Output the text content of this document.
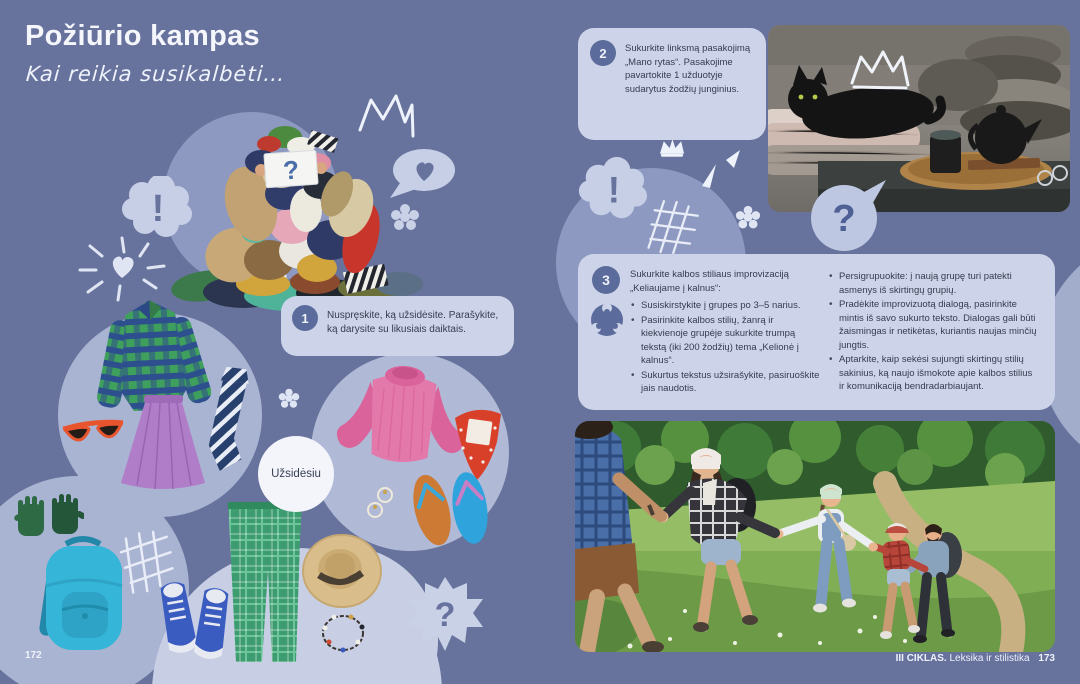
Požiūrio kampas
Kai reikia susikalbėti…
?
!
?
1	Nuspręskite, ką užsidėsite. Parašykite, ką darysite su likusiais daiktais.
Užsidėsiu
172
2	Sukurkite linksmą pasakojimą „Mano rytas“. Pasakojime pavartokite 1 užduotyje sudarytus žodžių junginius.
!
?
3	Sukurkite kalbos stiliaus improvizaciją „Keliaujame į kalnus“:
• Susiskirstykite į grupes po 3–5 narius.
• Pasirinkite kalbos stilių, žanrą ir kiekvienoje grupėje sukurkite trumpą tekstą (iki 200 žodžių) tema „Kelionė į kalnus“.
• Sukurtus tekstus užsirašykite, pasiruoškite jais naudotis.
• Persigrupuokite: į naują grupę turi patekti asmenys iš skirtingų grupių.
• Pradėkite improvizuotą dialogą, pasirinkite mintis iš savo sukurto teksto. Dialogas gali būti žaismingas ir netikėtas, kuriantis naujas minčių jungtis.
• Aptarkite, kaip sekėsi sujungti skirtingų stilių sakinius, ką naujo išmokote apie kalbos stilius ir komunikaciją bendradarbiaujant.
III CIKLAS. Leksika ir stilistika 173
